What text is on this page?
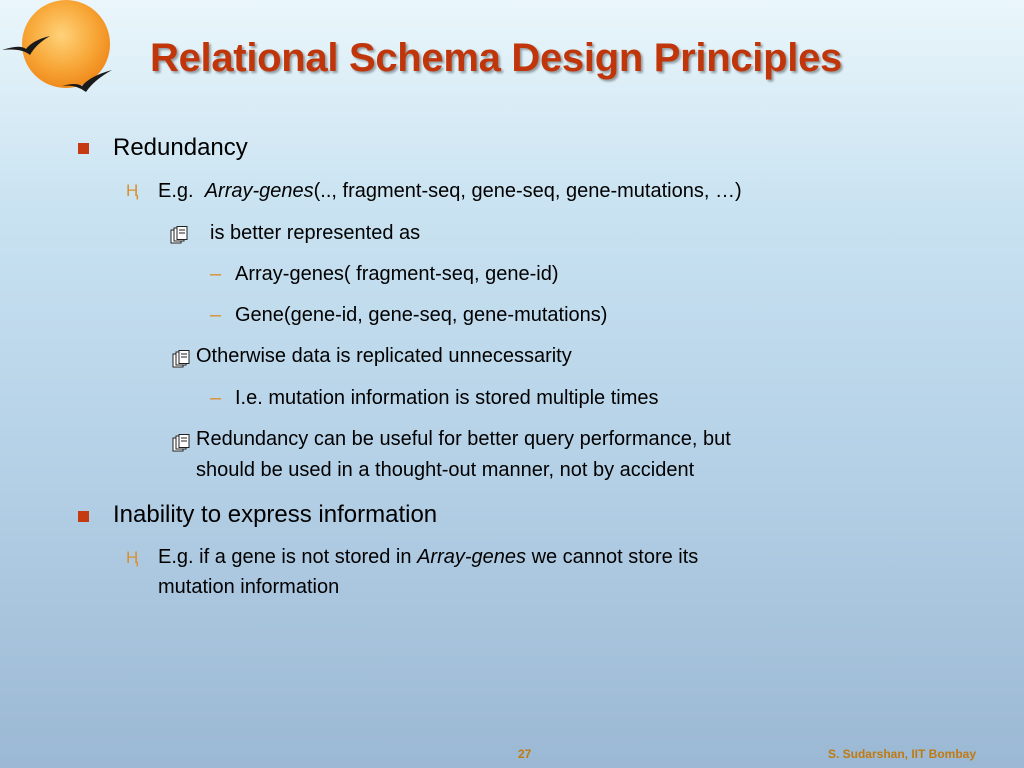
Relational Schema Design Principles
Redundancy
Ⱨ E.g. Array-genes(.., fragment-seq, gene-seq, gene-mutations, …)
is better represented as
– Array-genes( fragment-seq, gene-id)
– Gene(gene-id, gene-seq, gene-mutations)
Otherwise data is replicated unnecessarity
– I.e. mutation information is stored multiple times
Redundancy can be useful for better query performance, but
should be used in a thought-out manner, not by accident
Inability to express information
Ⱨ E.g. if a gene is not stored in Array-genes we cannot store its
mutation information
27	S. Sudarshan, IIT Bombay
